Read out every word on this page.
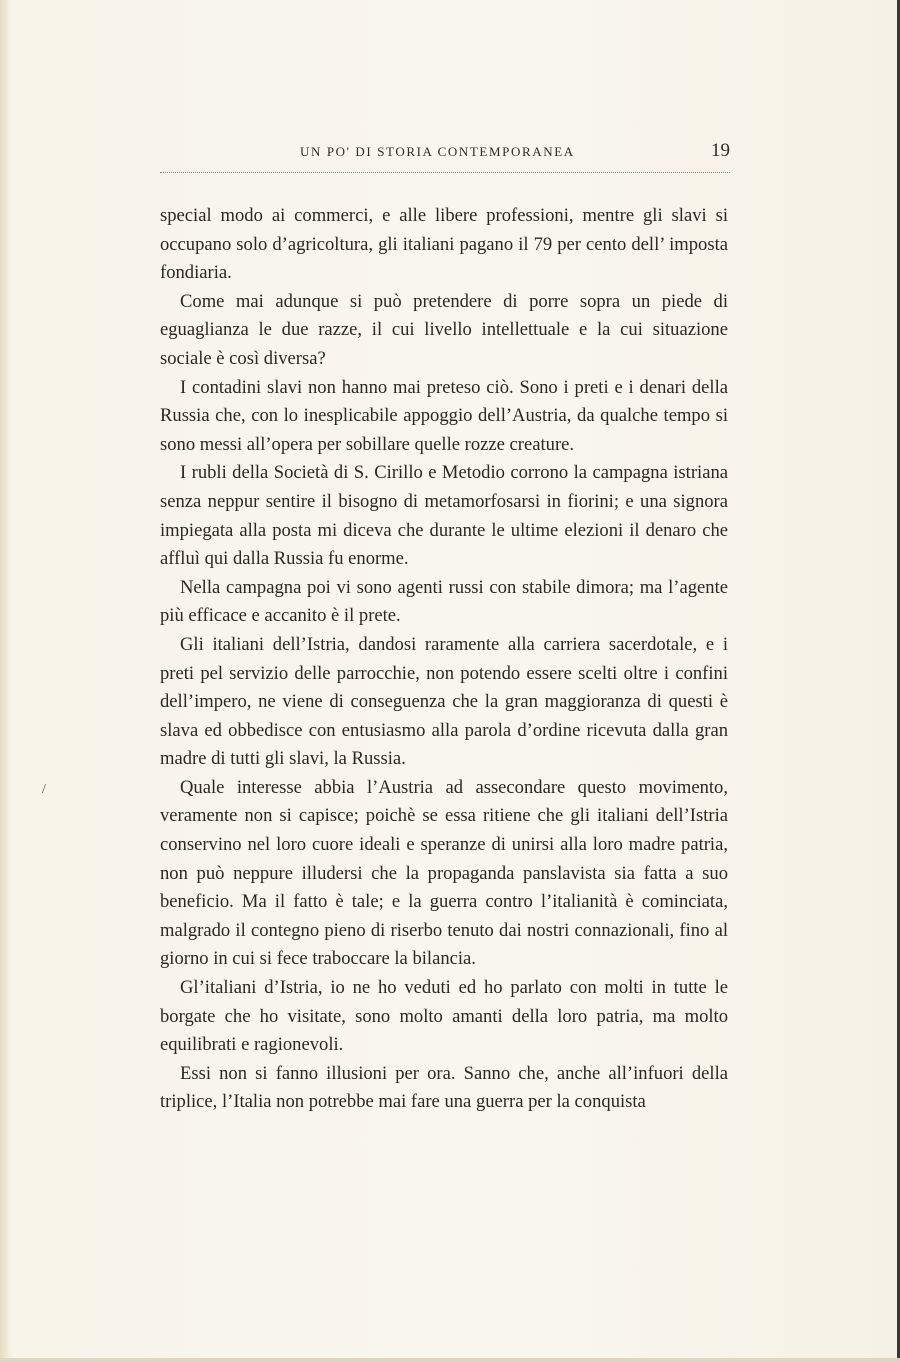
UN PO' DI STORIA CONTEMPORANEA	19

special modo ai commerci, e alle libere professioni, mentre gli slavi si occupano solo d’agricoltura, gli italiani pagano il 79 per cento dell’ imposta fondiaria.

Come mai adunque si può pretendere di porre sopra un piede di eguaglianza le due razze, il cui livello intellettuale e la cui situazione sociale è così diversa?

I contadini slavi non hanno mai preteso ciò. Sono i preti e i denari della Russia che, con lo inesplicabile appoggio dell’Austria, da qualche tempo si sono messi all’opera per sobillare quelle rozze creature.

I rubli della Società di S. Cirillo e Metodio corrono la campagna istriana senza neppur sentire il bisogno di metamorfosarsi in fiorini; e una signora impiegata alla posta mi diceva che durante le ultime elezioni il denaro che affluì qui dalla Russia fu enorme.

Nella campagna poi vi sono agenti russi con stabile dimora; ma l’agente più efficace e accanito è il prete.

Gli italiani dell’Istria, dandosi raramente alla carriera sacerdotale, e i preti pel servizio delle parrocchie, non potendo essere scelti oltre i confini dell’impero, ne viene di conseguenza che la gran maggioranza di questi è slava ed obbedisce con entusiasmo alla parola d’ordine ricevuta dalla gran madre di tutti gli slavi, la Russia.

Quale interesse abbia l’Austria ad assecondare questo movimento, veramente non si capisce; poichè se essa ritiene che gli italiani dell’Istria conservino nel loro cuore ideali e speranze di unirsi alla loro madre patria, non può neppure illudersi che la propaganda panslavista sia fatta a suo beneficio. Ma il fatto è tale; e la guerra contro l’italianità è cominciata, malgrado il contegno pieno di riserbo tenuto dai nostri connazionali, fino al giorno in cui si fece traboccare la bilancia.

Gl’italiani d’Istria, io ne ho veduti ed ho parlato con molti in tutte le borgate che ho visitate, sono molto amanti della loro patria, ma molto equilibrati e ragionevoli.

Essi non si fanno illusioni per ora. Sanno che, anche all’infuori della triplice, l’Italia non potrebbe mai fare una guerra per la conquista

/
